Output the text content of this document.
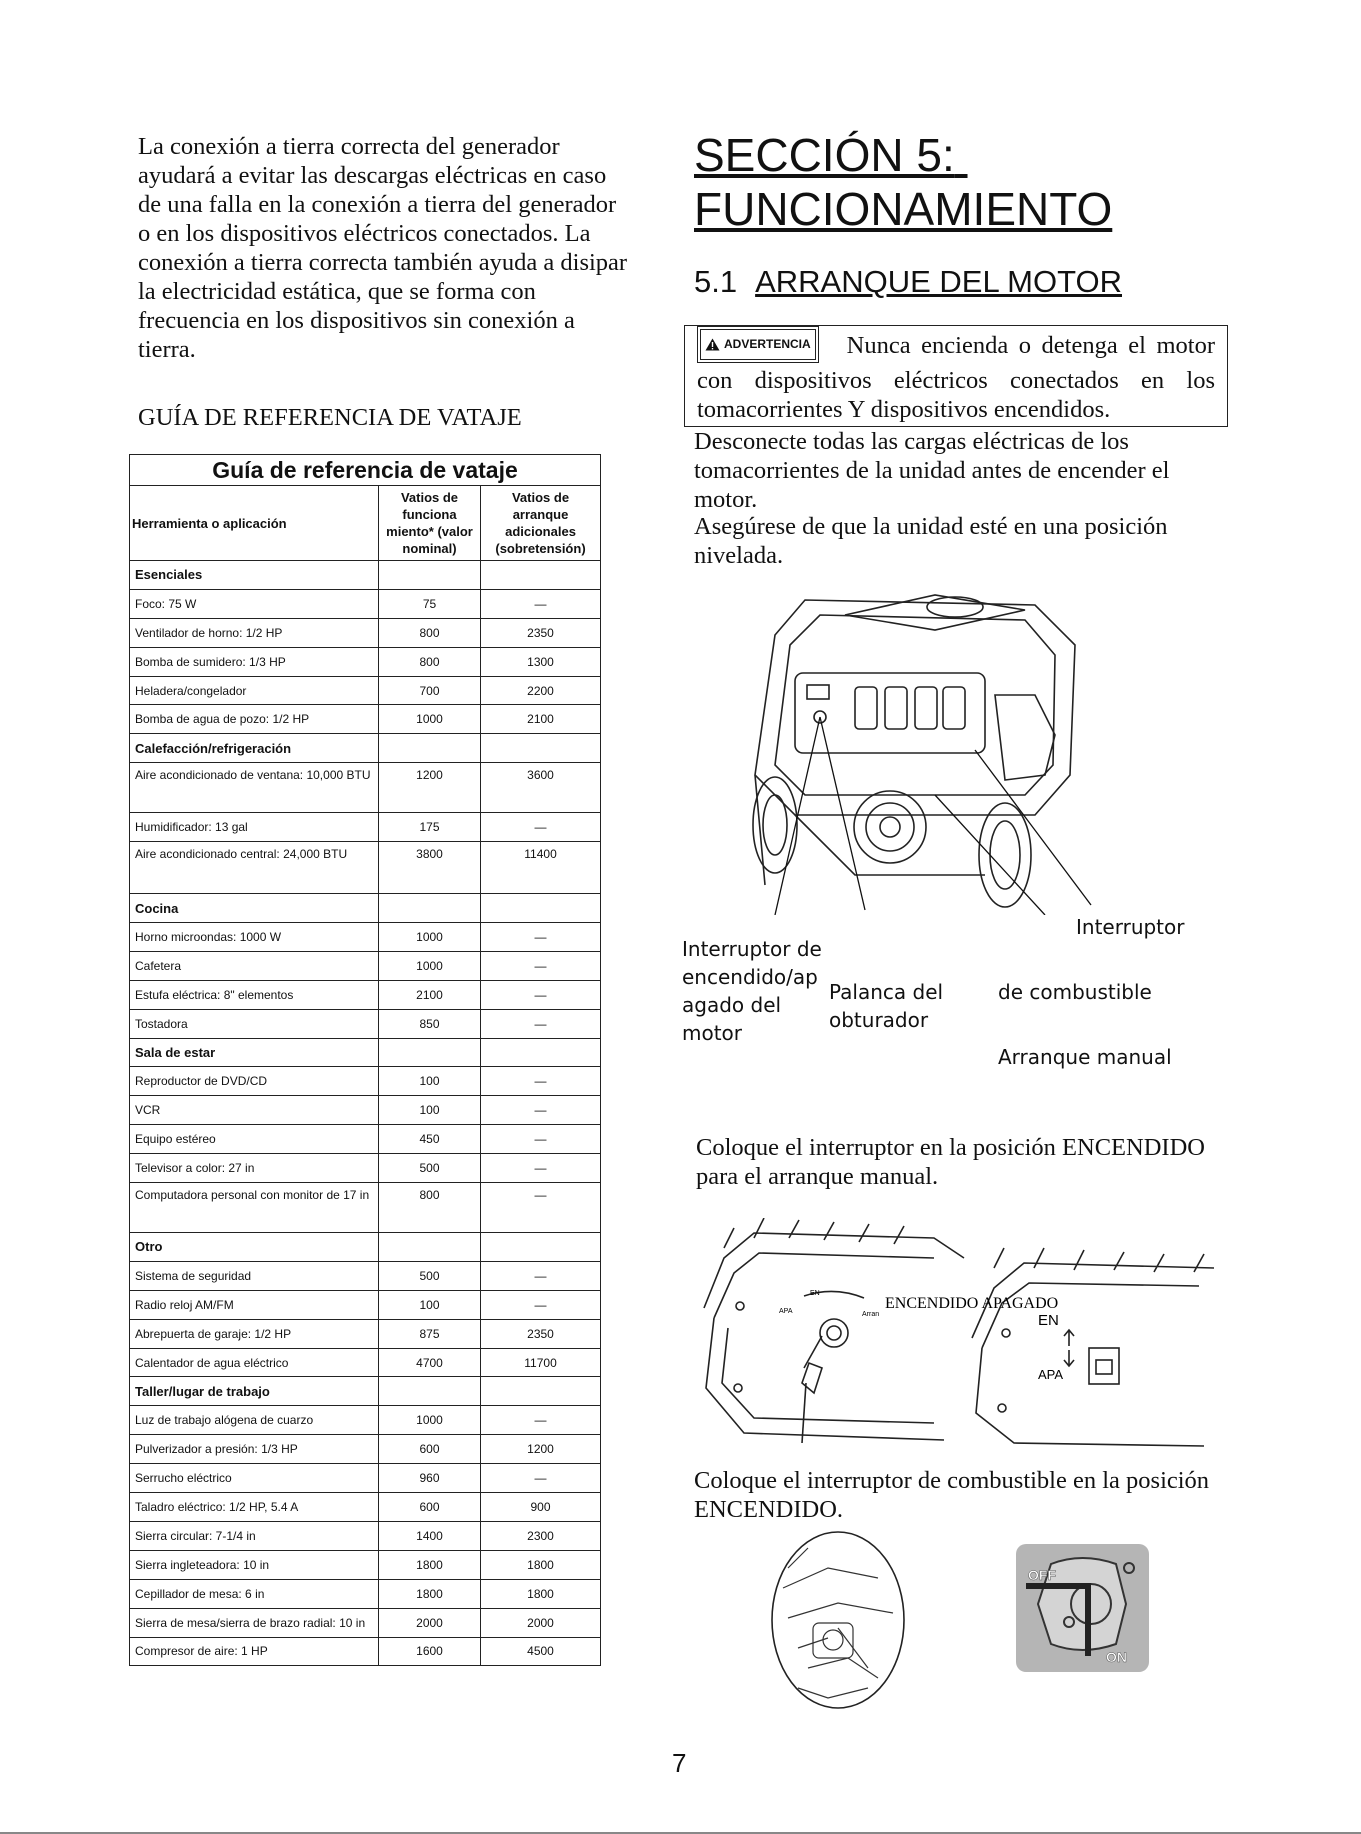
La conexión a tierra correcta del generador ayudará a evitar las descargas eléctricas en caso de una falla en la conexión a tierra del generador o en los dispositivos eléctricos conectados. La conexión a tierra correcta también ayuda a disipar la electricidad estática, que se forma con frecuencia en los dispositivos sin conexión a tierra.

GUÍA DE REFERENCIA DE VATAJE
Guía de referencia de vataje		
Herramienta o aplicación	Vatios de funciona miento* (valor nominal)	Vatios de arranque adicionales (sobretensión)
Esenciales		
Foco: 75 W	75	—
Ventilador de horno: 1/2 HP	800	2350
Bomba de sumidero: 1/3 HP	800	1300
Heladera/congelador	700	2200
Bomba de agua de pozo: 1/2 HP	1000	2100
Calefacción/refrigeración		
Aire acondicionado de ventana: 10,000 BTU	1200	3600
Humidificador: 13 gal	175	—
Aire acondicionado central: 24,000 BTU	3800	11400
Cocina		
Horno microondas: 1000 W	1000	—
Cafetera	1000	—
Estufa eléctrica: 8" elementos	2100	—
Tostadora	850	—
Sala de estar		
Reproductor de DVD/CD	100	—
VCR	100	—
Equipo estéreo	450	—
Televisor a color: 27 in	500	—
Computadora personal con monitor de 17 in	800	—
Otro		
Sistema de seguridad	500	—
Radio reloj AM/FM	100	—
Abrepuerta de garaje: 1/2 HP	875	2350
Calentador de agua eléctrico	4700	11700
Taller/lugar de trabajo		
Luz de trabajo alógena de cuarzo	1000	—
Pulverizador a presión: 1/3 HP	600	1200
Serrucho eléctrico	960	—
Taladro eléctrico: 1/2 HP, 5.4 A	600	900
Sierra circular: 7-1/4 in	1400	2300
Sierra ingleteadora: 10 in	1800	1800
Cepillador de mesa: 6 in	1800	1800
Sierra de mesa/sierra de brazo radial: 10 in	2000	2000
Compresor de aire: 1 HP	1600	4500
SECCIÓN 5:
FUNCIONAMIENTO
5.1 ARRANQUE DEL MOTOR
ADVERTENCIA Nunca encienda o detenga el motor con dispositivos eléctricos conectados en los tomacorrientes Y dispositivos encendidos.
Desconecte todas las cargas eléctricas de los tomacorrientes de la unidad antes de encender el motor.
Asegúrese de que la unidad esté en una posición nivelada.
Interruptor de
encendido/ap
agado del
motor
Palanca del
obturador
Interruptor
de combustible
Arranque manual
Coloque el interruptor en la posición ENCENDIDO para el arranque manual.
EN
APA	Arran
ENCENDIDO APAGADO
EN
APA
Coloque el interruptor de combustible en la posición ENCENDIDO.
OFF
ON
7
